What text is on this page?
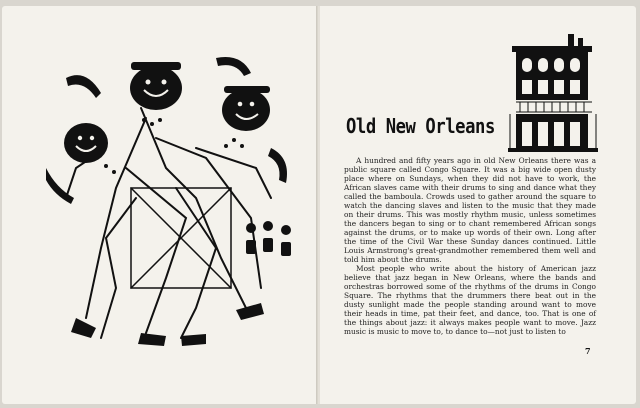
Old New Orleans

A hundred and fifty years ago in old New Orleans there was a public square called Congo Square. It was a big wide open dusty place where on Sundays, when they did not have to work, the African slaves came with their drums to sing and dance what they called the bamboula. Crowds used to gather around the square to watch the dancing slaves and listen to the music that they made on their drums. This was mostly rhythm music, unless sometimes the dancers began to sing or to chant remembered African songs against the drums, or to make up words of their own. Long after the time of the Civil War these Sunday dances continued. Little Louis Armstrong's great-grandmother remembered them well and told him about the drums.

Most people who write about the history of American jazz believe that jazz began in New Orleans, where the bands and orchestras borrowed some of the rhythms of the drums in Congo Square. The rhythms that the drummers there beat out in the dusty sunlight made the people standing around want to move their heads in time, pat their feet, and dance, too. That is one of the things about jazz: it always makes people want to move. Jazz music is music to move to, to dance to—not just to listen to

7
